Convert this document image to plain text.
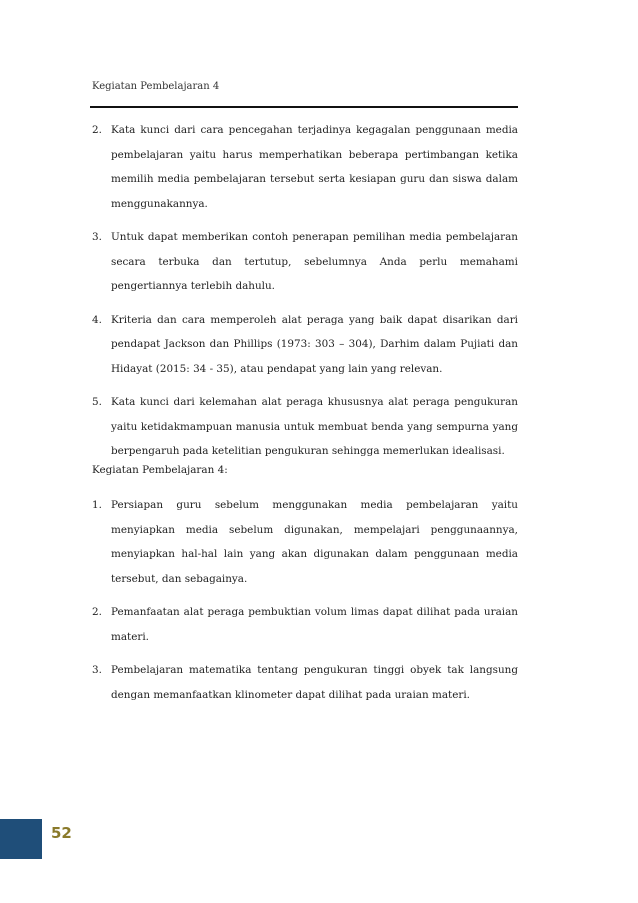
Kegiatan Pembelajaran 4
2. Kata kunci dari cara pencegahan terjadinya kegagalan penggunaan media pembelajaran yaitu harus memperhatikan beberapa pertimbangan ketika memilih media pembelajaran tersebut serta kesiapan guru dan siswa dalam menggunakannya.
3. Untuk dapat memberikan contoh penerapan pemilihan media pembelajaran secara terbuka dan tertutup, sebelumnya Anda perlu memahami pengertiannya terlebih dahulu.
4. Kriteria dan cara memperoleh alat peraga yang baik dapat disarikan dari pendapat Jackson dan Phillips (1973: 303 – 304), Darhim dalam Pujiati dan Hidayat (2015: 34 - 35), atau pendapat yang lain yang relevan.
5. Kata kunci dari kelemahan alat peraga khususnya alat peraga pengukuran yaitu ketidakmampuan manusia untuk membuat benda yang sempurna yang berpengaruh pada ketelitian pengukuran sehingga memerlukan idealisasi.
Kegiatan Pembelajaran 4:
1. Persiapan guru sebelum menggunakan media pembelajaran yaitu menyiapkan media sebelum digunakan, mempelajari penggunaannya, menyiapkan hal-hal lain yang akan digunakan dalam penggunaan media tersebut, dan sebagainya.
2. Pemanfaatan alat peraga pembuktian volum limas dapat dilihat pada uraian materi.
3. Pembelajaran matematika tentang pengukuran tinggi obyek tak langsung dengan memanfaatkan klinometer dapat dilihat pada uraian materi.
52
